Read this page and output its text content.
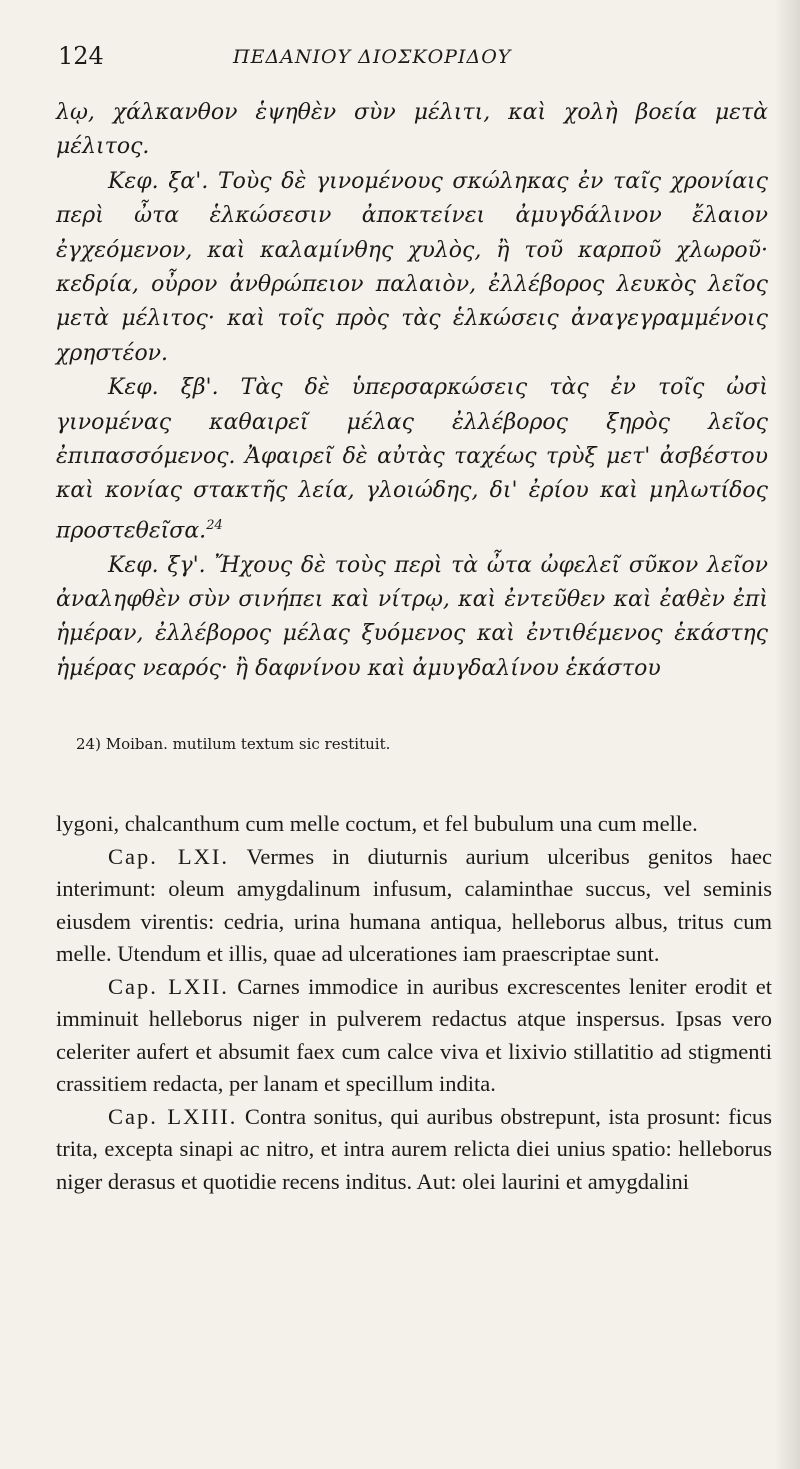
124	ΠΕΔΑΝΙΟΥ ΔΙΟΣΚΟΡΙΔΟΥ

λῳ, χάλκανθον ἑψηθὲν σὺν μέλιτι, καὶ χολὴ βοεία μετὰ μέλιτος.

Κεφ. ξα'. Τοὺς δὲ γινομένους σκώληκας ἐν ταῖς χρονίαις περὶ ὦτα ἑλκώσεσιν ἀποκτείνει ἀμυγδάλινον ἔλαιον ἐγχεόμενον, καὶ καλαμίνθης χυλὸς, ἢ τοῦ καρποῦ χλωροῦ· κεδρία, οὖρον ἀνθρώπειον παλαιὸν, ἐλλέβορος λευκὸς λεῖος μετὰ μέλιτος· καὶ τοῖς πρὸς τὰς ἑλκώσεις ἀναγεγραμμένοις χρηστέον.

Κεφ. ξβ'. Τὰς δὲ ὑπερσαρκώσεις τὰς ἐν τοῖς ὠσὶ γινομένας καθαιρεῖ μέλας ἐλλέβορος ξηρὸς λεῖος ἐπιπασσόμενος. Ἀφαιρεῖ δὲ αὐτὰς ταχέως τρὺξ μετ' ἀσβέστου καὶ κονίας στακτῆς λεία, γλοιώδης, δι' ἐρίου καὶ μηλωτίδος προστεθεῖσα.$^{24}$

Κεφ. ξγ'. Ἤχους δὲ τοὺς περὶ τὰ ὦτα ὠφελεῖ σῦκον λεῖον ἀναληφθὲν σὺν σινήπει καὶ νίτρῳ, καὶ ἐντεῦθεν καὶ ἐαθὲν ἐπὶ ἡμέραν, ἐλλέβορος μέλας ξυόμενος καὶ ἐντιθέμενος ἑκάστης ἡμέρας νεαρός· ἢ δαφνίνου καὶ ἀμυγδαλίνου ἑκάστου

24) Moiban. mutilum textum sic restituit.

lygoni, chalcanthum cum melle coctum, et fel bubulum una cum melle.

Cap. LXI. Vermes in diuturnis aurium ulceribus genitos haec interimunt: oleum amygdalinum infusum, calaminthae succus, vel seminis eiusdem virentis: cedria, urina humana antiqua, helleborus albus, tritus cum melle. Utendum et illis, quae ad ulcerationes iam praescriptae sunt.

Cap. LXII. Carnes immodice in auribus excrescentes leniter erodit et imminuit helleborus niger in pulverem redactus atque inspersus. Ipsas vero celeriter aufert et absumit faex cum calce viva et lixivio stillatitio ad stigmenti crassitiem redacta, per lanam et specillum indita.

Cap. LXIII. Contra sonitus, qui auribus obstrepunt, ista prosunt: ficus trita, excepta sinapi ac nitro, et intra aurem relicta diei unius spatio: helleborus niger derasus et quotidie recens inditus. Aut: olei laurini et amygdalini
